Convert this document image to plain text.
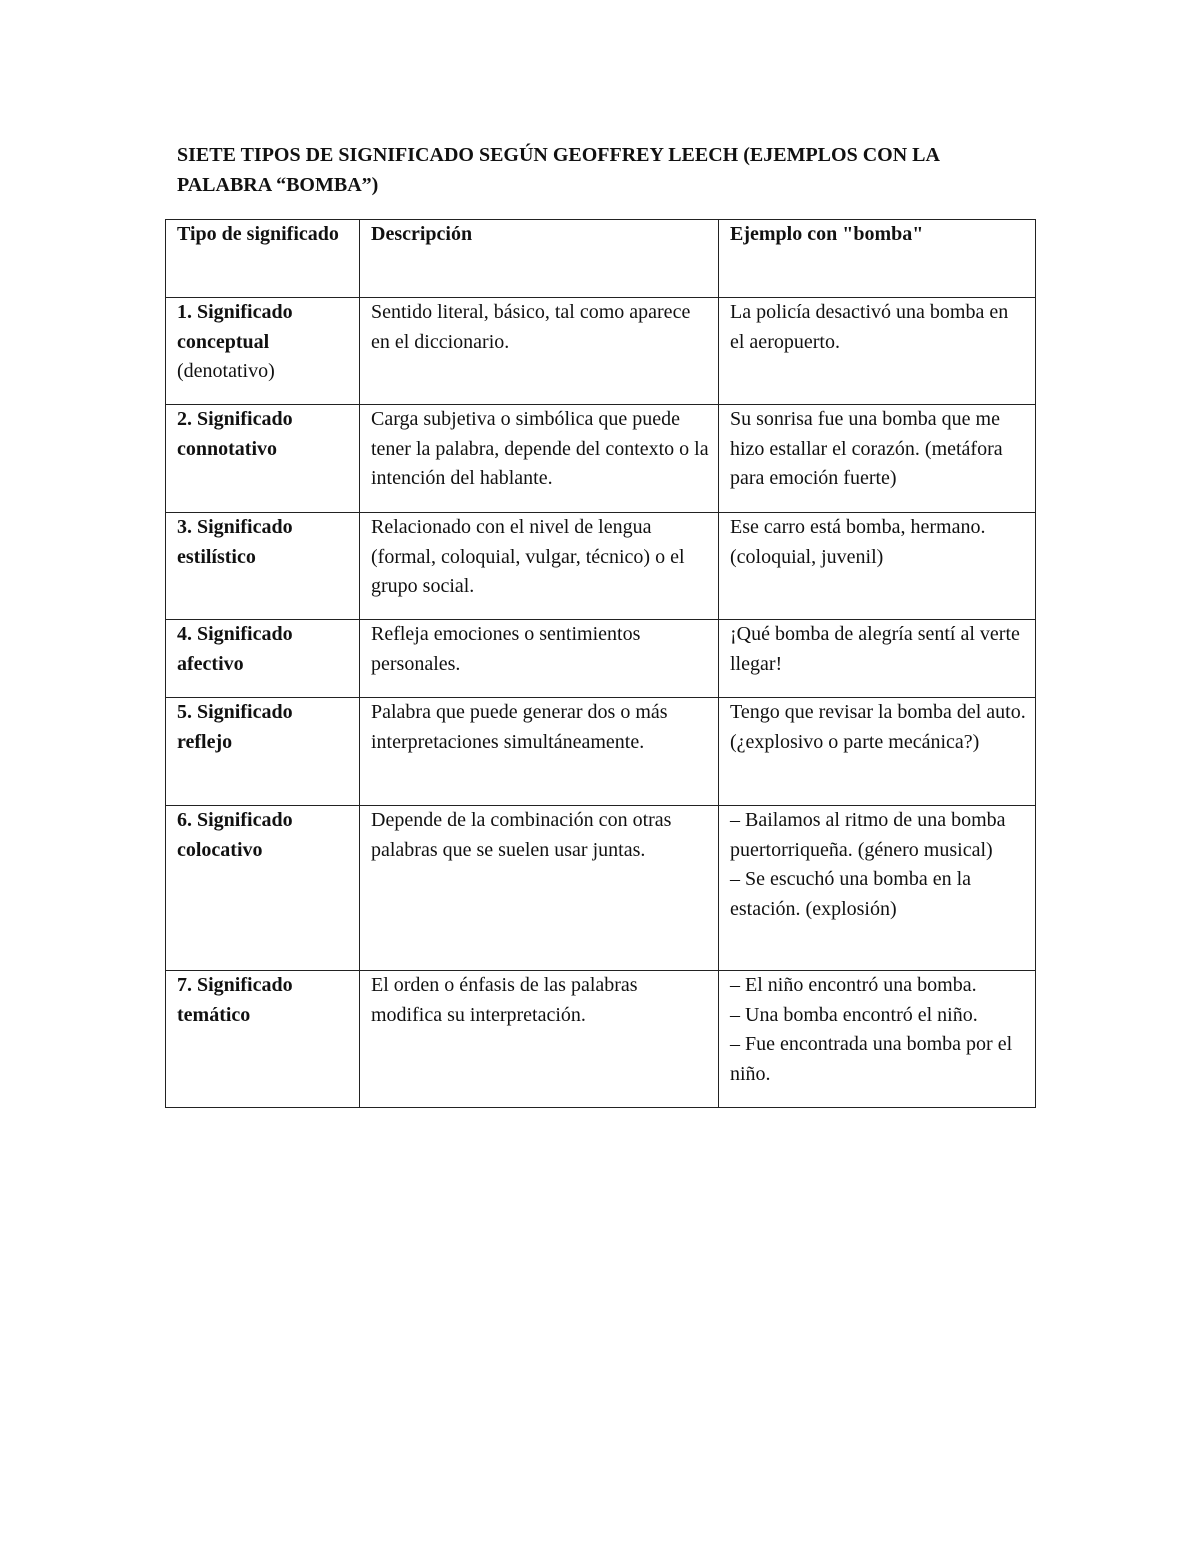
SIETE TIPOS DE SIGNIFICADO SEGÚN GEOFFREY LEECH (EJEMPLOS CON LA PALABRA “BOMBA”)
Tipo de significado	Descripción	Ejemplo con "bomba"

1. Significado conceptual
(denotativo)	Sentido literal, básico, tal como aparece en el diccionario.	La policía desactivó una bomba en el aeropuerto.

2. Significado connotativo	Carga subjetiva o simbólica que puede tener la palabra, depende del contexto o la intención del hablante.	Su sonrisa fue una bomba que me hizo estallar el corazón. (metáfora para emoción fuerte)

3. Significado estilístico	Relacionado con el nivel de lengua (formal, coloquial, vulgar, técnico) o el grupo social.	Ese carro está bomba, hermano. (coloquial, juvenil)

4. Significado afectivo	Refleja emociones o sentimientos personales.	¡Qué bomba de alegría sentí al verte llegar!

5. Significado reflejo	Palabra que puede generar dos o más interpretaciones simultáneamente.	Tengo que revisar la bomba del auto. (¿explosivo o parte mecánica?)

6. Significado colocativo	Depende de la combinación con otras palabras que se suelen usar juntas.	– Bailamos al ritmo de una bomba puertorriqueña. (género musical)
– Se escuchó una bomba en la estación. (explosión)

7. Significado temático	El orden o énfasis de las palabras modifica su interpretación.	– El niño encontró una bomba.
– Una bomba encontró el niño.
– Fue encontrada una bomba por el niño.
